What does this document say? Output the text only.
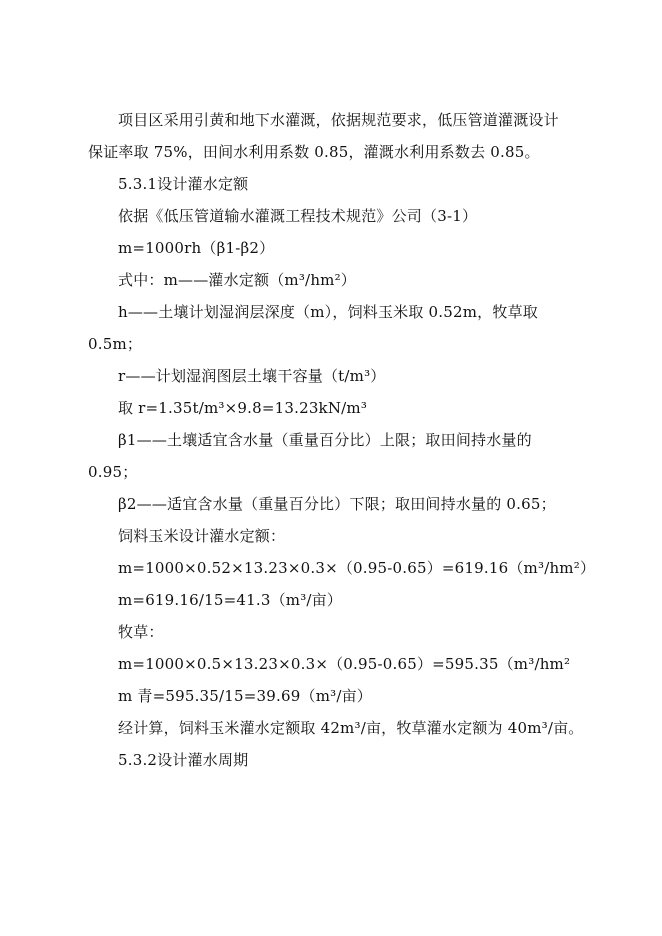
项目区采用引黄和地下水灌溉，依据规范要求，低压管道灌溉设计
保证率取 75%，田间水利用系数 0.85，灌溉水利用系数去 0.85。
5.3.1设计灌水定额
依据《低压管道输水灌溉工程技术规范》公司（3-1）
m=1000rh（β1-β2）
式中：m——灌水定额（m³/hm²）
h——土壤计划湿润层深度（m），饲料玉米取 0.52m，牧草取
0.5m；
r——计划湿润图层土壤干容量（t/m³）
取 r=1.35t/m³×9.8=13.23kN/m³
β1——土壤适宜含水量（重量百分比）上限；取田间持水量的
0.95；
β2——适宜含水量（重量百分比）下限；取田间持水量的 0.65；
饲料玉米设计灌水定额：
m=1000×0.52×13.23×0.3×（0.95-0.65）=619.16（m³/hm²）
m=619.16/15=41.3（m³/亩）
牧草：
m=1000×0.5×13.23×0.3×（0.95-0.65）=595.35（m³/hm²
m 青=595.35/15=39.69（m³/亩）
经计算，饲料玉米灌水定额取 42m³/亩，牧草灌水定额为 40m³/亩。
5.3.2设计灌水周期
